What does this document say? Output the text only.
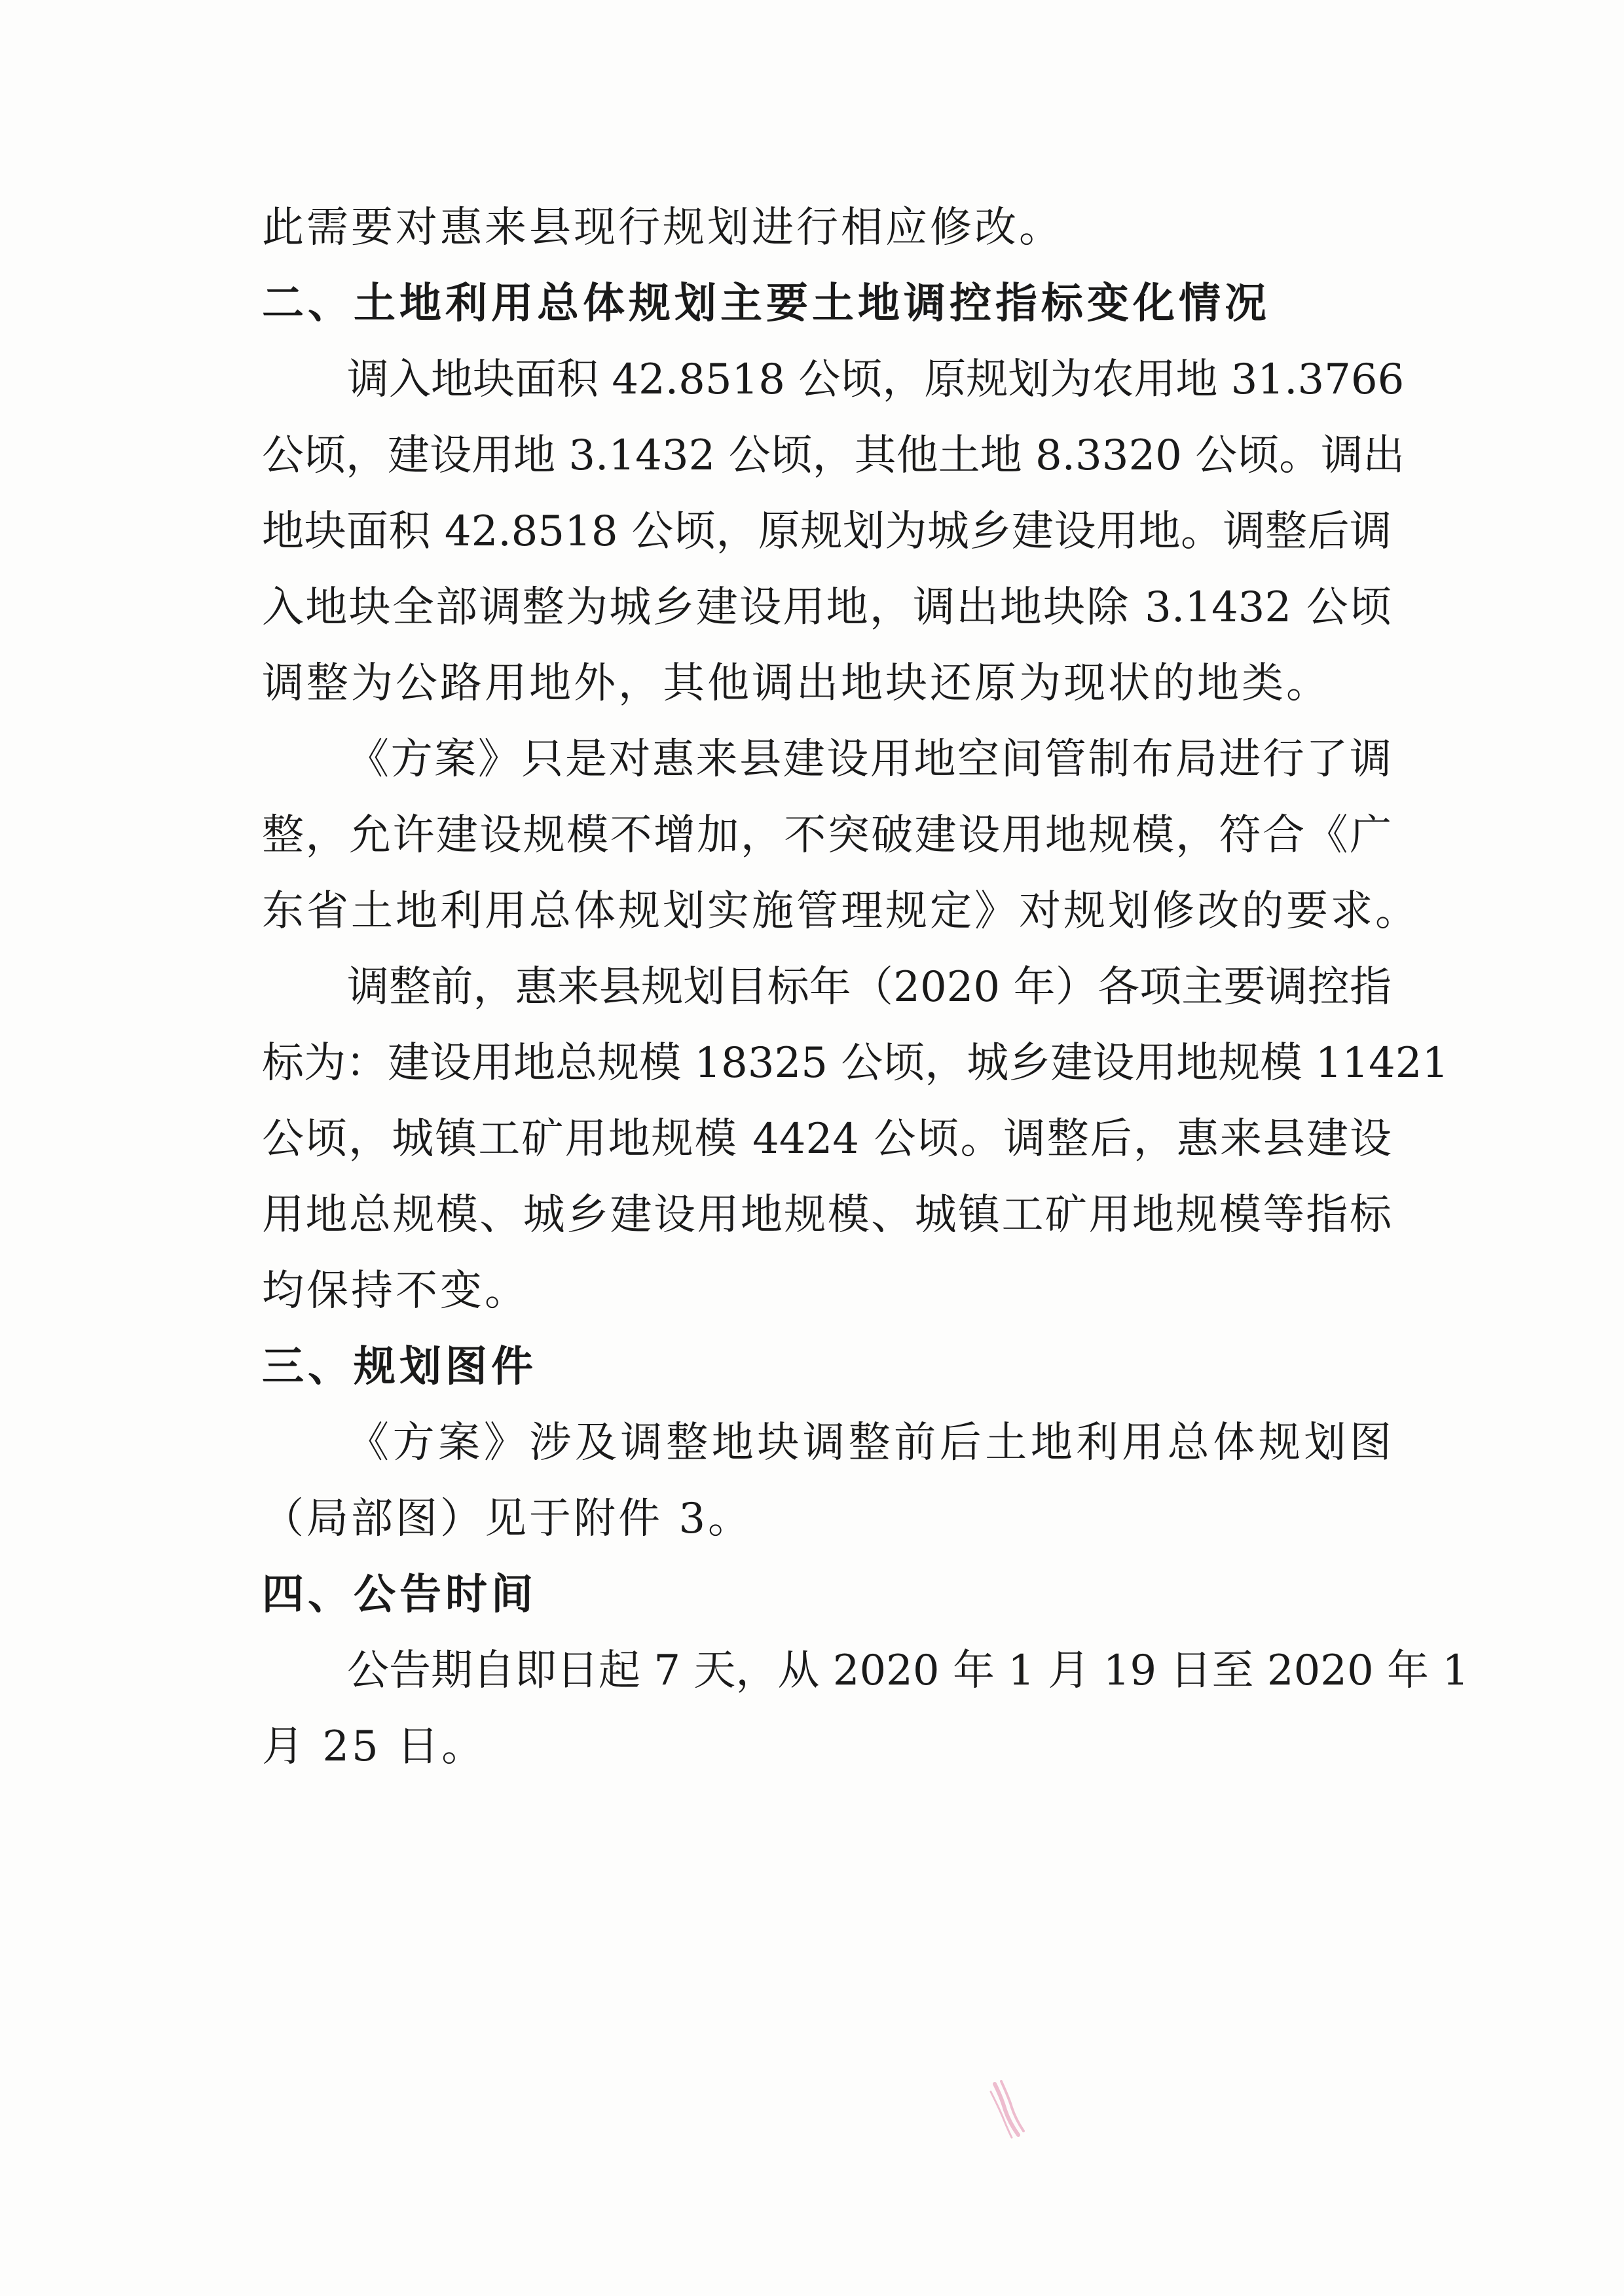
此需要对惠来县现行规划进行相应修改。
二、土地利用总体规划主要土地调控指标变化情况
调入地块面积 42.8518 公顷，原规划为农用地 31.3766
公顷，建设用地 3.1432 公顷，其他土地 8.3320 公顷。调出
地块面积 42.8518 公顷，原规划为城乡建设用地。调整后调
入地块全部调整为城乡建设用地，调出地块除 3.1432 公顷
调整为公路用地外，其他调出地块还原为现状的地类。
《方案》只是对惠来县建设用地空间管制布局进行了调
整，允许建设规模不增加，不突破建设用地规模，符合《广
东省土地利用总体规划实施管理规定》对规划修改的要求。
调整前，惠来县规划目标年（2020 年）各项主要调控指
标为：建设用地总规模 18325 公顷，城乡建设用地规模 11421
公顷，城镇工矿用地规模 4424 公顷。调整后，惠来县建设
用地总规模、城乡建设用地规模、城镇工矿用地规模等指标
均保持不变。
三、规划图件
《方案》涉及调整地块调整前后土地利用总体规划图
（局部图）见于附件 3。
四、公告时间
公告期自即日起 7 天，从 2020 年 1 月 19 日至 2020 年 1
月 25 日。
